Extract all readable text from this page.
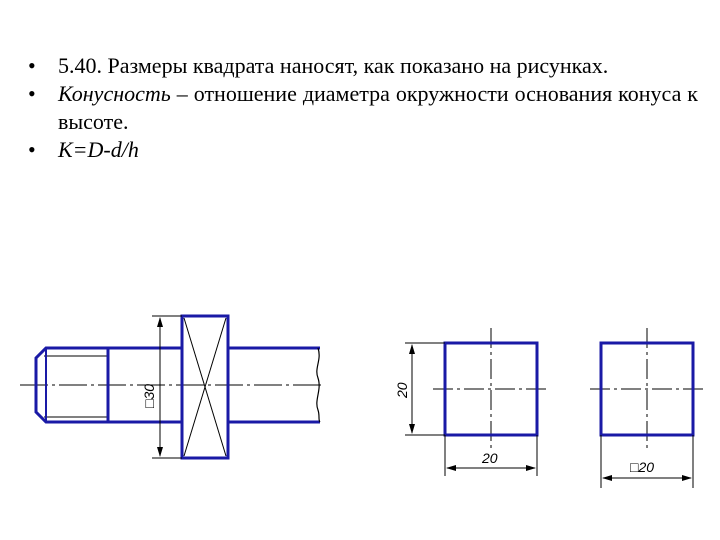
• 5.40. Размеры квадрата наносят, как показано на рисунках.
• Конусность – отношение диаметра окружности основания конуса к высоте.
• K=D-d/h
□30	20
20
□20
